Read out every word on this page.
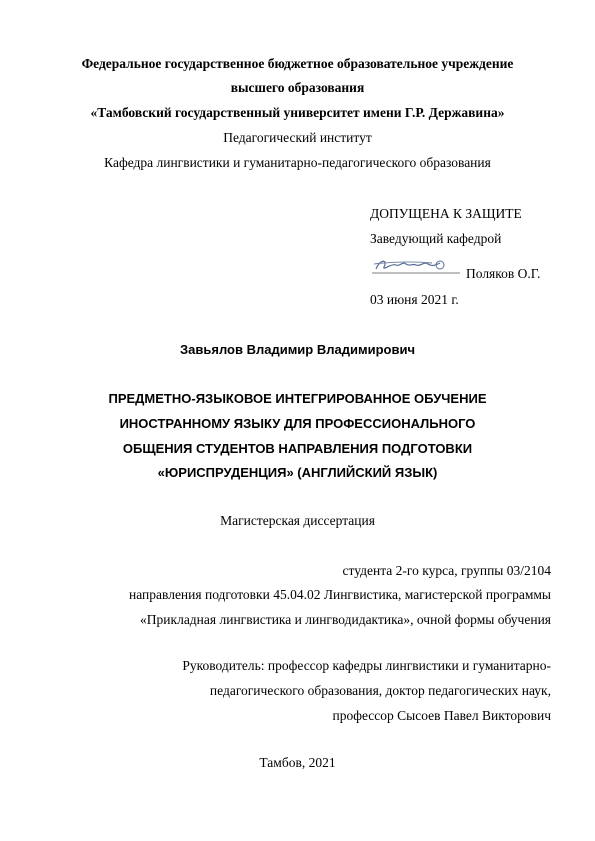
Федеральное государственное бюджетное образовательное учреждение
высшего образования
«Тамбовский государственный университет имени Г.Р. Державина»
Педагогический институт
Кафедра лингвистики и гуманитарно-педагогического образования
ДОПУЩЕНА К ЗАЩИТЕ
Заведующий кафедрой
Поляков О.Г.
03 июня 2021 г.
Завьялов Владимир Владимирович
ПРЕДМЕТНО-ЯЗЫКОВОЕ ИНТЕГРИРОВАННОЕ ОБУЧЕНИЕ
ИНОСТРАННОМУ ЯЗЫКУ ДЛЯ ПРОФЕССИОНАЛЬНОГО
ОБЩЕНИЯ СТУДЕНТОВ НАПРАВЛЕНИЯ ПОДГОТОВКИ
«ЮРИСПРУДЕНЦИЯ» (АНГЛИЙСКИЙ ЯЗЫК)
Магистерская диссертация
студента 2-го курса, группы 03/2104
направления подготовки 45.04.02 Лингвистика, магистерской программы
«Прикладная лингвистика и лингводидактика», очной формы обучения
Руководитель: профессор кафедры лингвистики и гуманитарно-
педагогического образования, доктор педагогических наук,
профессор Сысоев Павел Викторович
Тамбов, 2021
